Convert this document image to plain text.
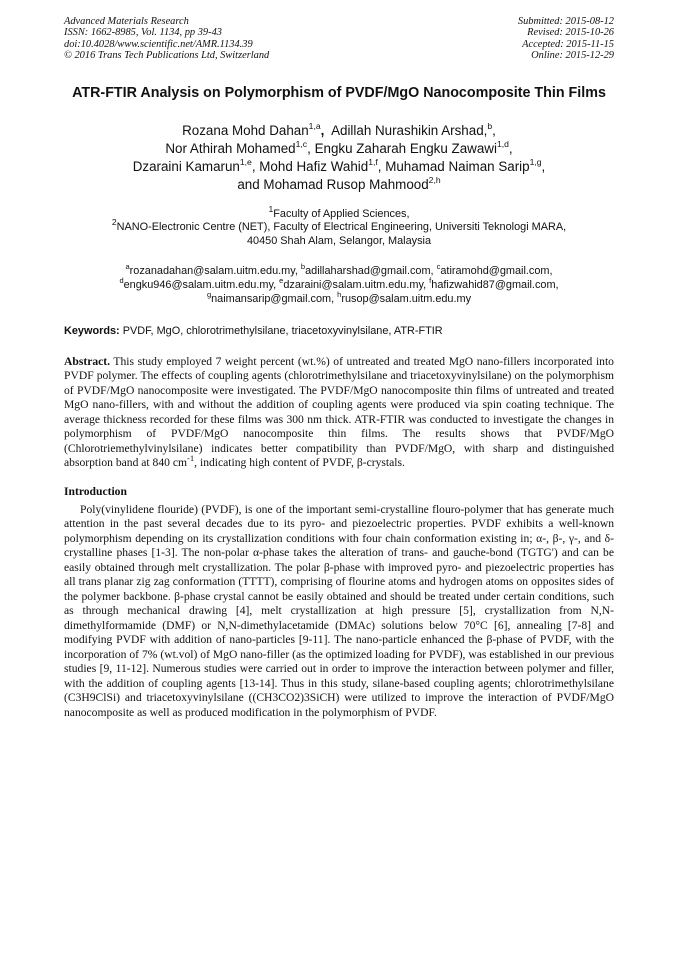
Advanced Materials Research
ISSN: 1662-8985, Vol. 1134, pp 39-43
doi:10.4028/www.scientific.net/AMR.1134.39
© 2016 Trans Tech Publications Ltd, Switzerland
Submitted: 2015-08-12
Revised: 2015-10-26
Accepted: 2015-11-15
Online: 2015-12-29
ATR-FTIR Analysis on Polymorphism of PVDF/MgO Nanocomposite Thin Films
Rozana Mohd Dahan$^{1,a}$, Adillah Nurashikin Arshad,$^b$,
Nor Athirah Mohamed$^{1,c}$, Engku Zaharah Engku Zawawi$^{1,d}$,
Dzaraini Kamarun$^{1,e}$, Mohd Hafiz Wahid$^{1,f}$, Muhamad Naiman Sarip$^{1,g}$,
and Mohamad Rusop Mahmood$^{2,h}$
$^1$Faculty of Applied Sciences,
$^2$NANO-Electronic Centre (NET), Faculty of Electrical Engineering, Universiti Teknologi MARA,
40450 Shah Alam, Selangor, Malaysia
$^a$rozanadahan@salam.uitm.edu.my, $^b$adillaharshad@gmail.com, $^c$atiramohd@gmail.com,
$^d$engku946@salam.uitm.edu.my, $^e$dzaraini@salam.uitm.edu.my, $^f$hafizwahid87@gmail.com,
$^g$naimansarip@gmail.com, $^h$rusop@salam.uitm.edu.my
Keywords: PVDF, MgO, chlorotrimethylsilane, triacetoxyvinylsilane, ATR-FTIR
Abstract. This study employed 7 weight percent (wt.%) of untreated and treated MgO nano-fillers incorporated into PVDF polymer. The effects of coupling agents (chlorotrimethylsilane and triacetoxyvinylsilane) on the polymorphism of PVDF/MgO nanocomposite were investigated. The PVDF/MgO nanocomposite thin films of untreated and treated MgO nano-fillers, with and without the addition of coupling agents were produced via spin coating technique. The average thickness recorded for these films was 300 nm thick. ATR-FTIR was conducted to investigate the changes in polymorphism of PVDF/MgO nanocomposite thin films. The results shows that PVDF/MgO (Chlorotriemethylvinylsilane) indicates better compatibility than PVDF/MgO, with sharp and distinguished absorption band at 840 $cm^{-1}$, indicating high content of PVDF, β-crystals.
Introduction
Poly(vinylidene flouride) (PVDF), is one of the important semi-crystalline flouro-polymer that has generate much attention in the past several decades due to its pyro- and piezoelectric properties. PVDF exhibits a well-known polymorphism depending on its crystallization conditions with four chain conformation existing in; α-, β-, γ-, and δ- crystalline phases [1-3]. The non-polar α-phase takes the alteration of trans- and gauche-bond (TGTG') and can be easily obtained through melt crystallization. The polar β-phase with improved pyro- and piezoelectric properties has all trans planar zig zag conformation (TTTT), comprising of flourine atoms and hydrogen atoms on opposites sides of the polymer backbone. β-phase crystal cannot be easily obtained and should be treated under certain conditions, such as through mechanical drawing [4], melt crystallization at high pressure [5], crystallization from N,N-dimethylformamide (DMF) or N,N-dimethylacetamide (DMAc) solutions below 70°C [6], annealing [7-8] and modifying PVDF with addition of nano-particles [9-11]. The nano-particle enhanced the β-phase of PVDF, with the incorporation of 7% (wt.vol) of MgO nano-filler (as the optimized loading for PVDF), was established in our previous studies [9, 11-12]. Numerous studies were carried out in order to improve the interaction between polymer and filler, with the addition of coupling agents [13-14]. Thus in this study, silane-based coupling agents; chlorotrimethylsilane (C3H9ClSi) and triacetoxyvinylsilane ((CH3CO2)3SiCH) were utilized to improve the interaction of PVDF/MgO nanocomposite as well as produced modification in the polymorphism of PVDF.
